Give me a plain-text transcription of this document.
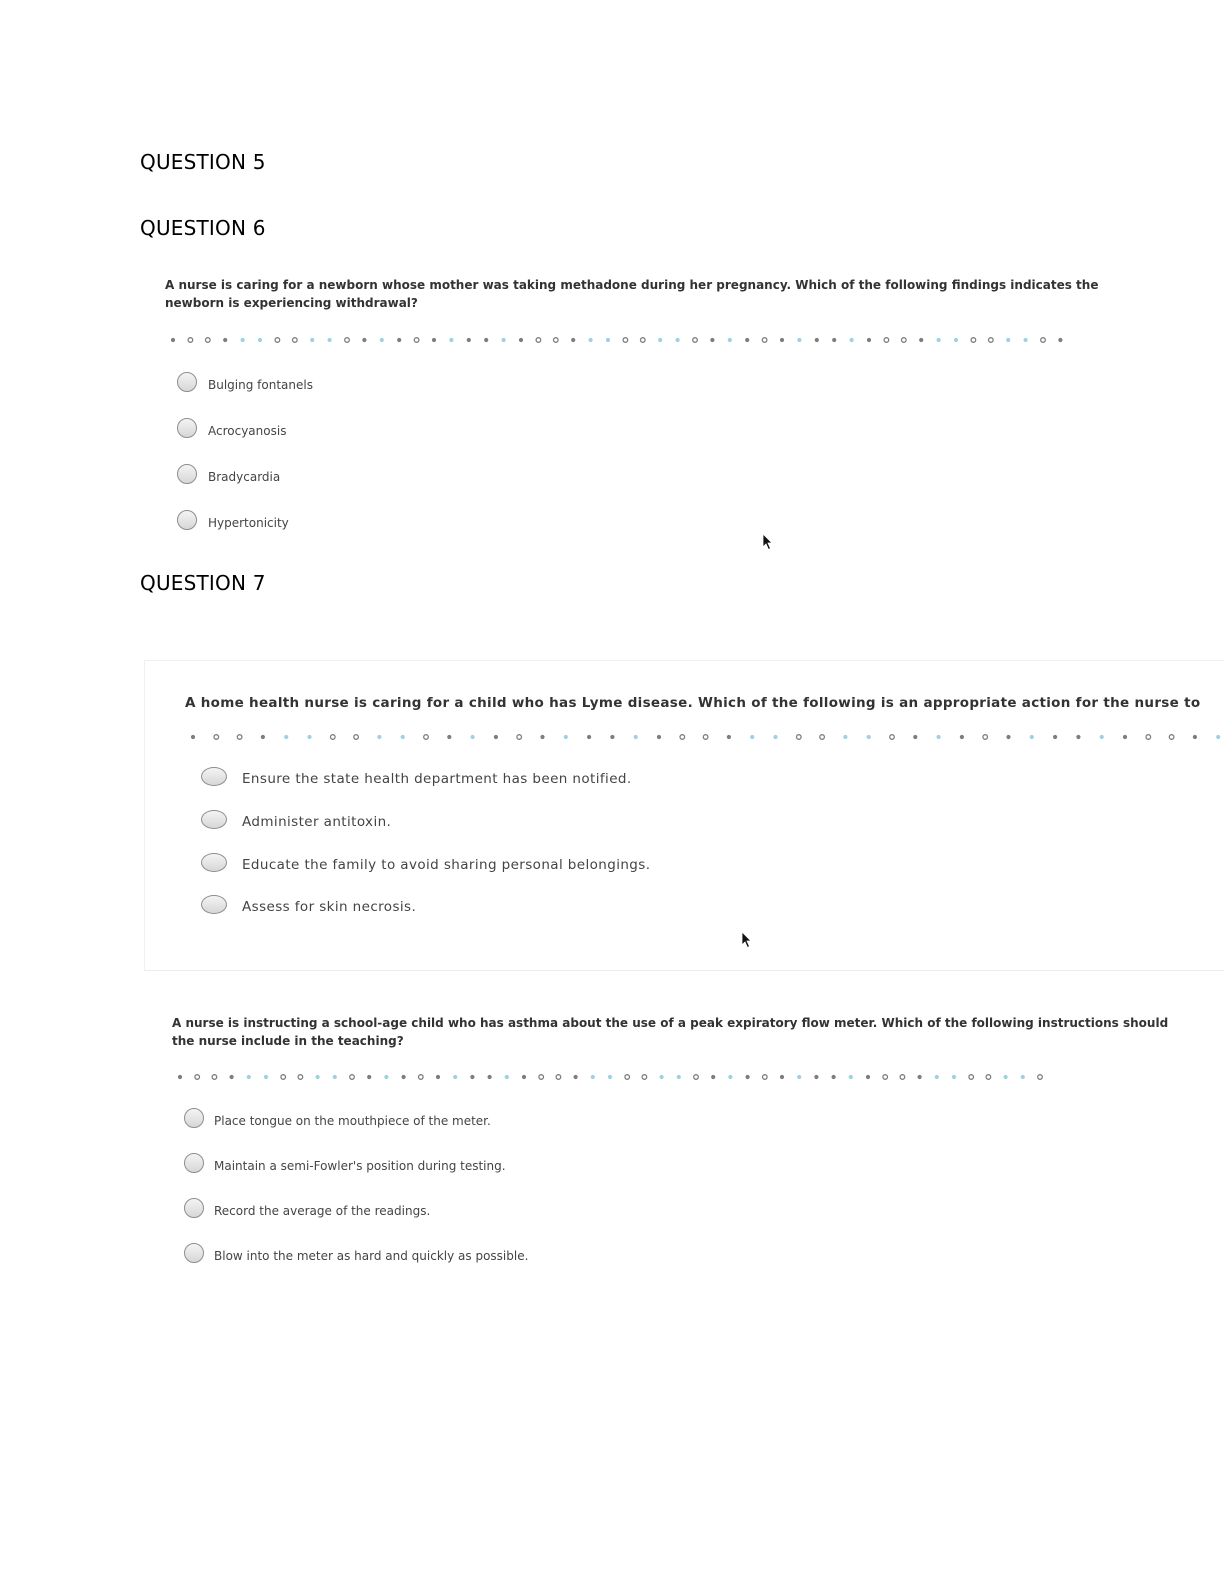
QUESTION 5
QUESTION 6
A nurse is caring for a newborn whose mother was taking methadone during her pregnancy. Which of the following findings indicates the
newborn is experiencing withdrawal?
Bulging fontanels
Acrocyanosis
Bradycardia
Hypertonicity
QUESTION 7
A home health nurse is caring for a child who has Lyme disease. Which of the following is an appropriate action for the nurse to
Ensure the state health department has been notified.
Administer antitoxin.
Educate the family to avoid sharing personal belongings.
Assess for skin necrosis.
A nurse is instructing a school-age child who has asthma about the use of a peak expiratory flow meter. Which of the following instructions should
the nurse include in the teaching?
Place tongue on the mouthpiece of the meter.
Maintain a semi-Fowler's position during testing.
Record the average of the readings.
Blow into the meter as hard and quickly as possible.
